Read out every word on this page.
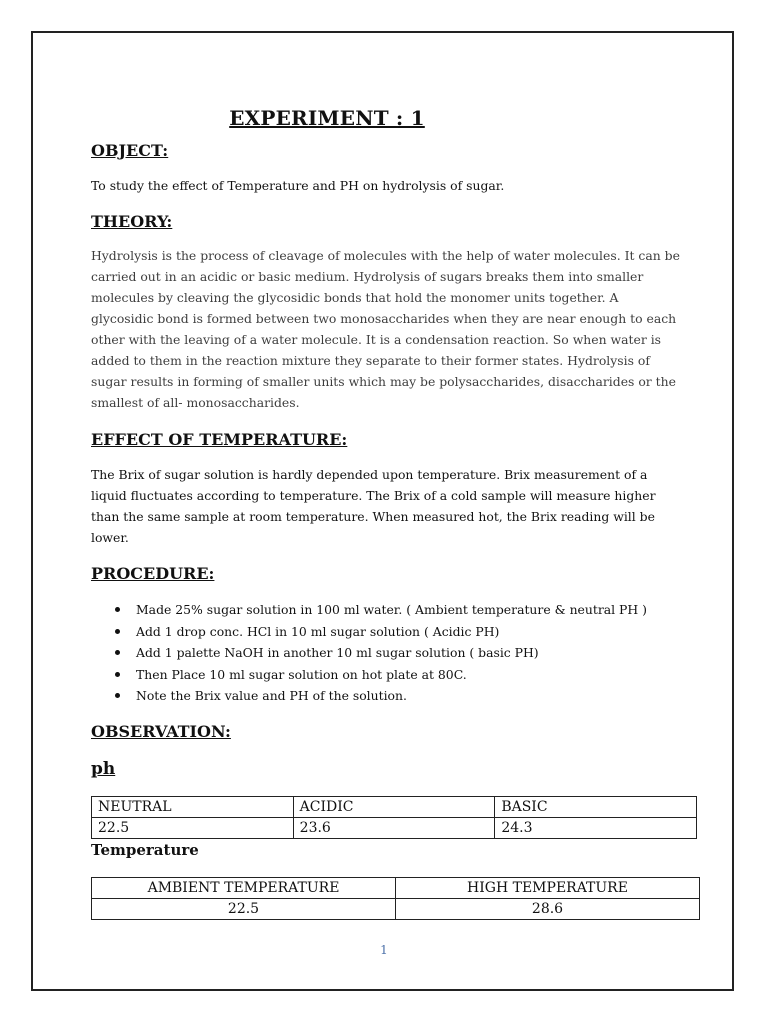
EXPERIMENT : 1
OBJECT:
To study the effect of Temperature and PH on hydrolysis of sugar.
THEORY:
Hydrolysis is the process of cleavage of molecules with the help of water molecules. It can be carried out in an acidic or basic medium. Hydrolysis of sugars breaks them into smaller molecules by cleaving the glycosidic bonds that hold the monomer units together. A glycosidic bond is formed between two monosaccharides when they are near enough to each other with the leaving of a water molecule. It is a condensation reaction. So when water is added to them in the reaction mixture they separate to their former states. Hydrolysis of sugar results in forming of smaller units which may be polysaccharides, disaccharides or the smallest of all- monosaccharides.
EFFECT OF TEMPERATURE:
The Brix of sugar solution is hardly depended upon temperature. Brix measurement of a liquid fluctuates according to temperature. The Brix of a cold sample will measure higher than the same sample at room temperature. When measured hot, the Brix reading will be lower.
PROCEDURE:
Made 25% sugar solution in 100 ml water. ( Ambient temperature & neutral PH )
Add 1 drop conc. HCl in 10 ml sugar solution ( Acidic PH)
Add 1 palette NaOH in another 10 ml sugar solution ( basic PH)
Then Place 10 ml sugar solution on hot plate at 80C.
Note the Brix value and PH of the solution.
OBSERVATION:
ph
NEUTRAL	ACIDIC	BASIC
22.5	23.6	24.3
Temperature
AMBIENT TEMPERATURE	HIGH TEMPERATURE
22.5	28.6
1
